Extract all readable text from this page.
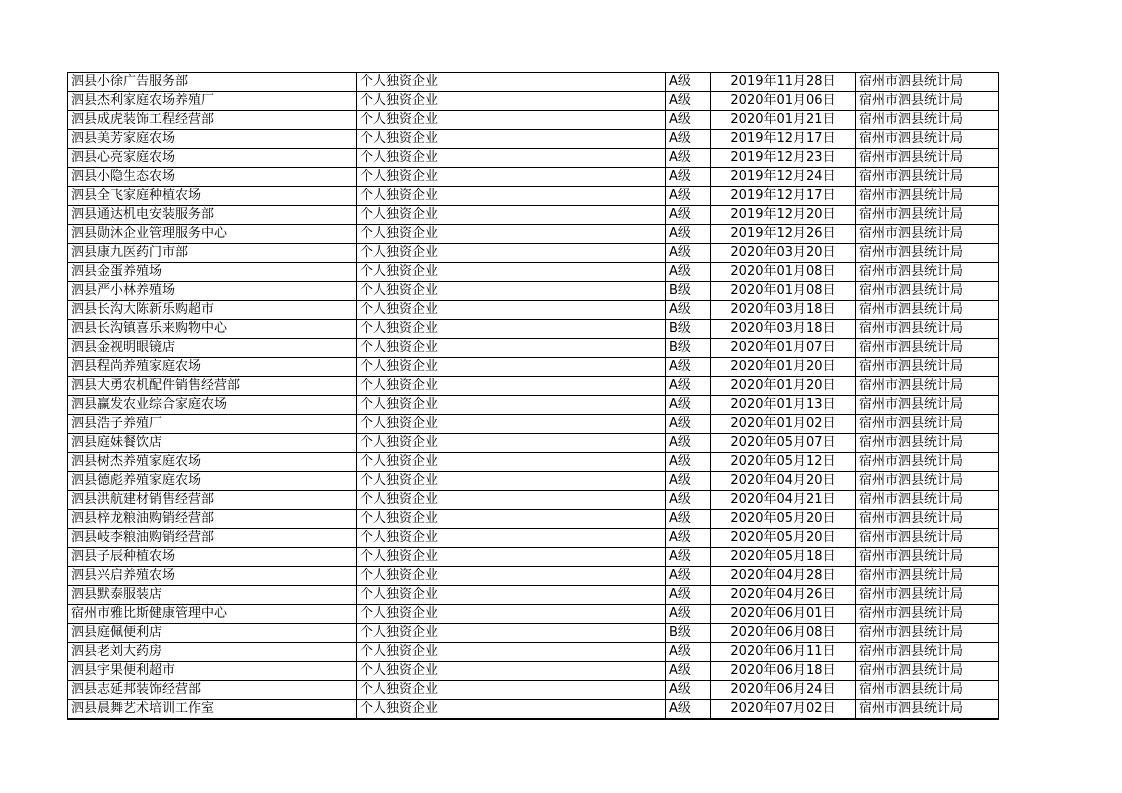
泗县小徐广告服务部	个人独资企业	A级	2019年11月28日	宿州市泗县统计局
泗县杰利家庭农场养殖厂	个人独资企业	A级	2020年01月06日	宿州市泗县统计局
泗县成虎装饰工程经营部	个人独资企业	A级	2020年01月21日	宿州市泗县统计局
泗县美芳家庭农场	个人独资企业	A级	2019年12月17日	宿州市泗县统计局
泗县心亮家庭农场	个人独资企业	A级	2019年12月23日	宿州市泗县统计局
泗县小隐生态农场	个人独资企业	A级	2019年12月24日	宿州市泗县统计局
泗县全飞家庭种植农场	个人独资企业	A级	2019年12月17日	宿州市泗县统计局
泗县通达机电安装服务部	个人独资企业	A级	2019年12月20日	宿州市泗县统计局
泗县勋沐企业管理服务中心	个人独资企业	A级	2019年12月26日	宿州市泗县统计局
泗县康九医药门市部	个人独资企业	A级	2020年03月20日	宿州市泗县统计局
泗县金蛋养殖场	个人独资企业	A级	2020年01月08日	宿州市泗县统计局
泗县严小林养殖场	个人独资企业	B级	2020年01月08日	宿州市泗县统计局
泗县长沟大陈新乐购超市	个人独资企业	A级	2020年03月18日	宿州市泗县统计局
泗县长沟镇喜乐来购物中心	个人独资企业	B级	2020年03月18日	宿州市泗县统计局
泗县金视明眼镜店	个人独资企业	B级	2020年01月07日	宿州市泗县统计局
泗县程尚养殖家庭农场	个人独资企业	A级	2020年01月20日	宿州市泗县统计局
泗县大勇农机配件销售经营部	个人独资企业	A级	2020年01月20日	宿州市泗县统计局
泗县赢发农业综合家庭农场	个人独资企业	A级	2020年01月13日	宿州市泗县统计局
泗县浩子养殖厂	个人独资企业	A级	2020年01月02日	宿州市泗县统计局
泗县庭妹餐饮店	个人独资企业	A级	2020年05月07日	宿州市泗县统计局
泗县树杰养殖家庭农场	个人独资企业	A级	2020年05月12日	宿州市泗县统计局
泗县德彪养殖家庭农场	个人独资企业	A级	2020年04月20日	宿州市泗县统计局
泗县洪航建材销售经营部	个人独资企业	A级	2020年04月21日	宿州市泗县统计局
泗县梓龙粮油购销经营部	个人独资企业	A级	2020年05月20日	宿州市泗县统计局
泗县岐李粮油购销经营部	个人独资企业	A级	2020年05月20日	宿州市泗县统计局
泗县子辰种植农场	个人独资企业	A级	2020年05月18日	宿州市泗县统计局
泗县兴启养殖农场	个人独资企业	A级	2020年04月28日	宿州市泗县统计局
泗县默泰服装店	个人独资企业	A级	2020年04月26日	宿州市泗县统计局
宿州市雅比斯健康管理中心	个人独资企业	A级	2020年06月01日	宿州市泗县统计局
泗县庭佩便利店	个人独资企业	B级	2020年06月08日	宿州市泗县统计局
泗县老刘大药房	个人独资企业	A级	2020年06月11日	宿州市泗县统计局
泗县宇果便利超市	个人独资企业	A级	2020年06月18日	宿州市泗县统计局
泗县志延邦装饰经营部	个人独资企业	A级	2020年06月24日	宿州市泗县统计局
泗县晨舞艺术培训工作室	个人独资企业	A级	2020年07月02日	宿州市泗县统计局
